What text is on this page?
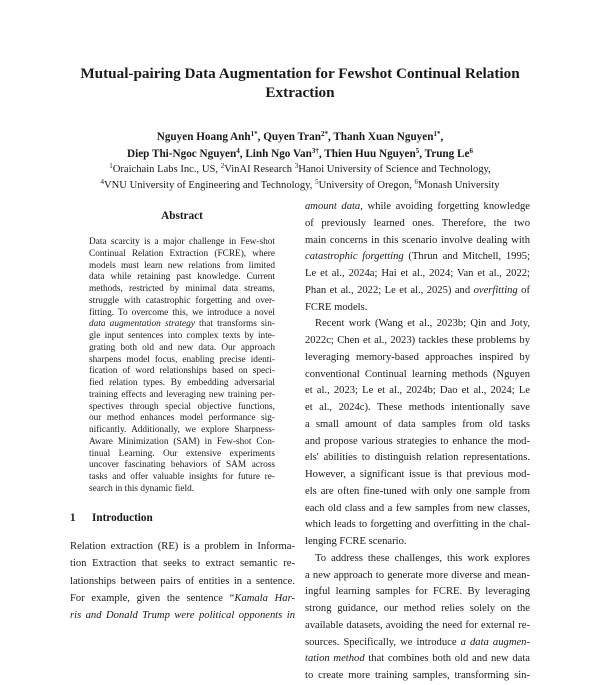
Mutual-pairing Data Augmentation for Fewshot Continual Relation
Extraction
Nguyen Hoang Anh$^{1*}$, Quyen Tran$^{2*}$, Thanh Xuan Nguyen$^{1*}$,
Diep Thi-Ngoc Nguyen$^4$, Linh Ngo Van$^{3\dagger}$, Thien Huu Nguyen$^5$, Trung Le$^6$
$^1$Oraichain Labs Inc., US, $^2$VinAI Research $^3$Hanoi University of Science and Technology,
$^4$VNU University of Engineering and Technology, $^5$University of Oregon, $^6$Monash University
Abstract
Data scarcity is a major challenge in Few-shot
Continual Relation Extraction (FCRE), where
models must learn new relations from limited
data while retaining past knowledge. Current
methods, restricted by minimal data streams,
struggle with catastrophic forgetting and over-
fitting. To overcome this, we introduce a novel
data augmentation strategy that transforms sin-
gle input sentences into complex texts by inte-
grating both old and new data. Our approach
sharpens model focus, enabling precise identi-
fication of word relationships based on speci-
fied relation types. By embedding adversarial
training effects and leveraging new training per-
spectives through special objective functions,
our method enhances model performance sig-
nificantly. Additionally, we explore Sharpness-
Aware Minimization (SAM) in Few-shot Con-
tinual Learning. Our extensive experiments
uncover fascinating behaviors of SAM across
tasks and offer valuable insights for future re-
search in this dynamic field.
1 Introduction
Relation extraction (RE) is a problem in Informa-
tion Extraction that seeks to extract semantic re-
lationships between pairs of entities in a sentence.
For example, given the sentence “Kamala Har-
ris and Donald Trump were political opponents in
amount data, while avoiding forgetting knowledge
of previously learned ones. Therefore, the two
main concerns in this scenario involve dealing with
catastrophic forgetting (Thrun and Mitchell, 1995;
Le et al., 2024a; Hai et al., 2024; Van et al., 2022;
Phan et al., 2022; Le et al., 2025) and overfitting of
FCRE models.
Recent work (Wang et al., 2023b; Qin and Joty,
2022c; Chen et al., 2023) tackles these problems by
leveraging memory-based approaches inspired by
conventional Continual learning methods (Nguyen
et al., 2023; Le et al., 2024b; Dao et al., 2024; Le
et al., 2024c). These methods intentionally save
a small amount of data samples from old tasks
and propose various strategies to enhance the mod-
els' abilities to distinguish relation representations.
However, a significant issue is that previous mod-
els are often fine-tuned with only one sample from
each old class and a few samples from new classes,
which leads to forgetting and overfitting in the chal-
lenging FCRE scenario.
To address these challenges, this work explores
a new approach to generate more diverse and mean-
ingful learning samples for FCRE. By leveraging
strong guidance, our method relies solely on the
available datasets, avoiding the need for external re-
sources. Specifically, we introduce a data augmen-
tation method that combines both old and new data
to create more training samples, transforming sin-
